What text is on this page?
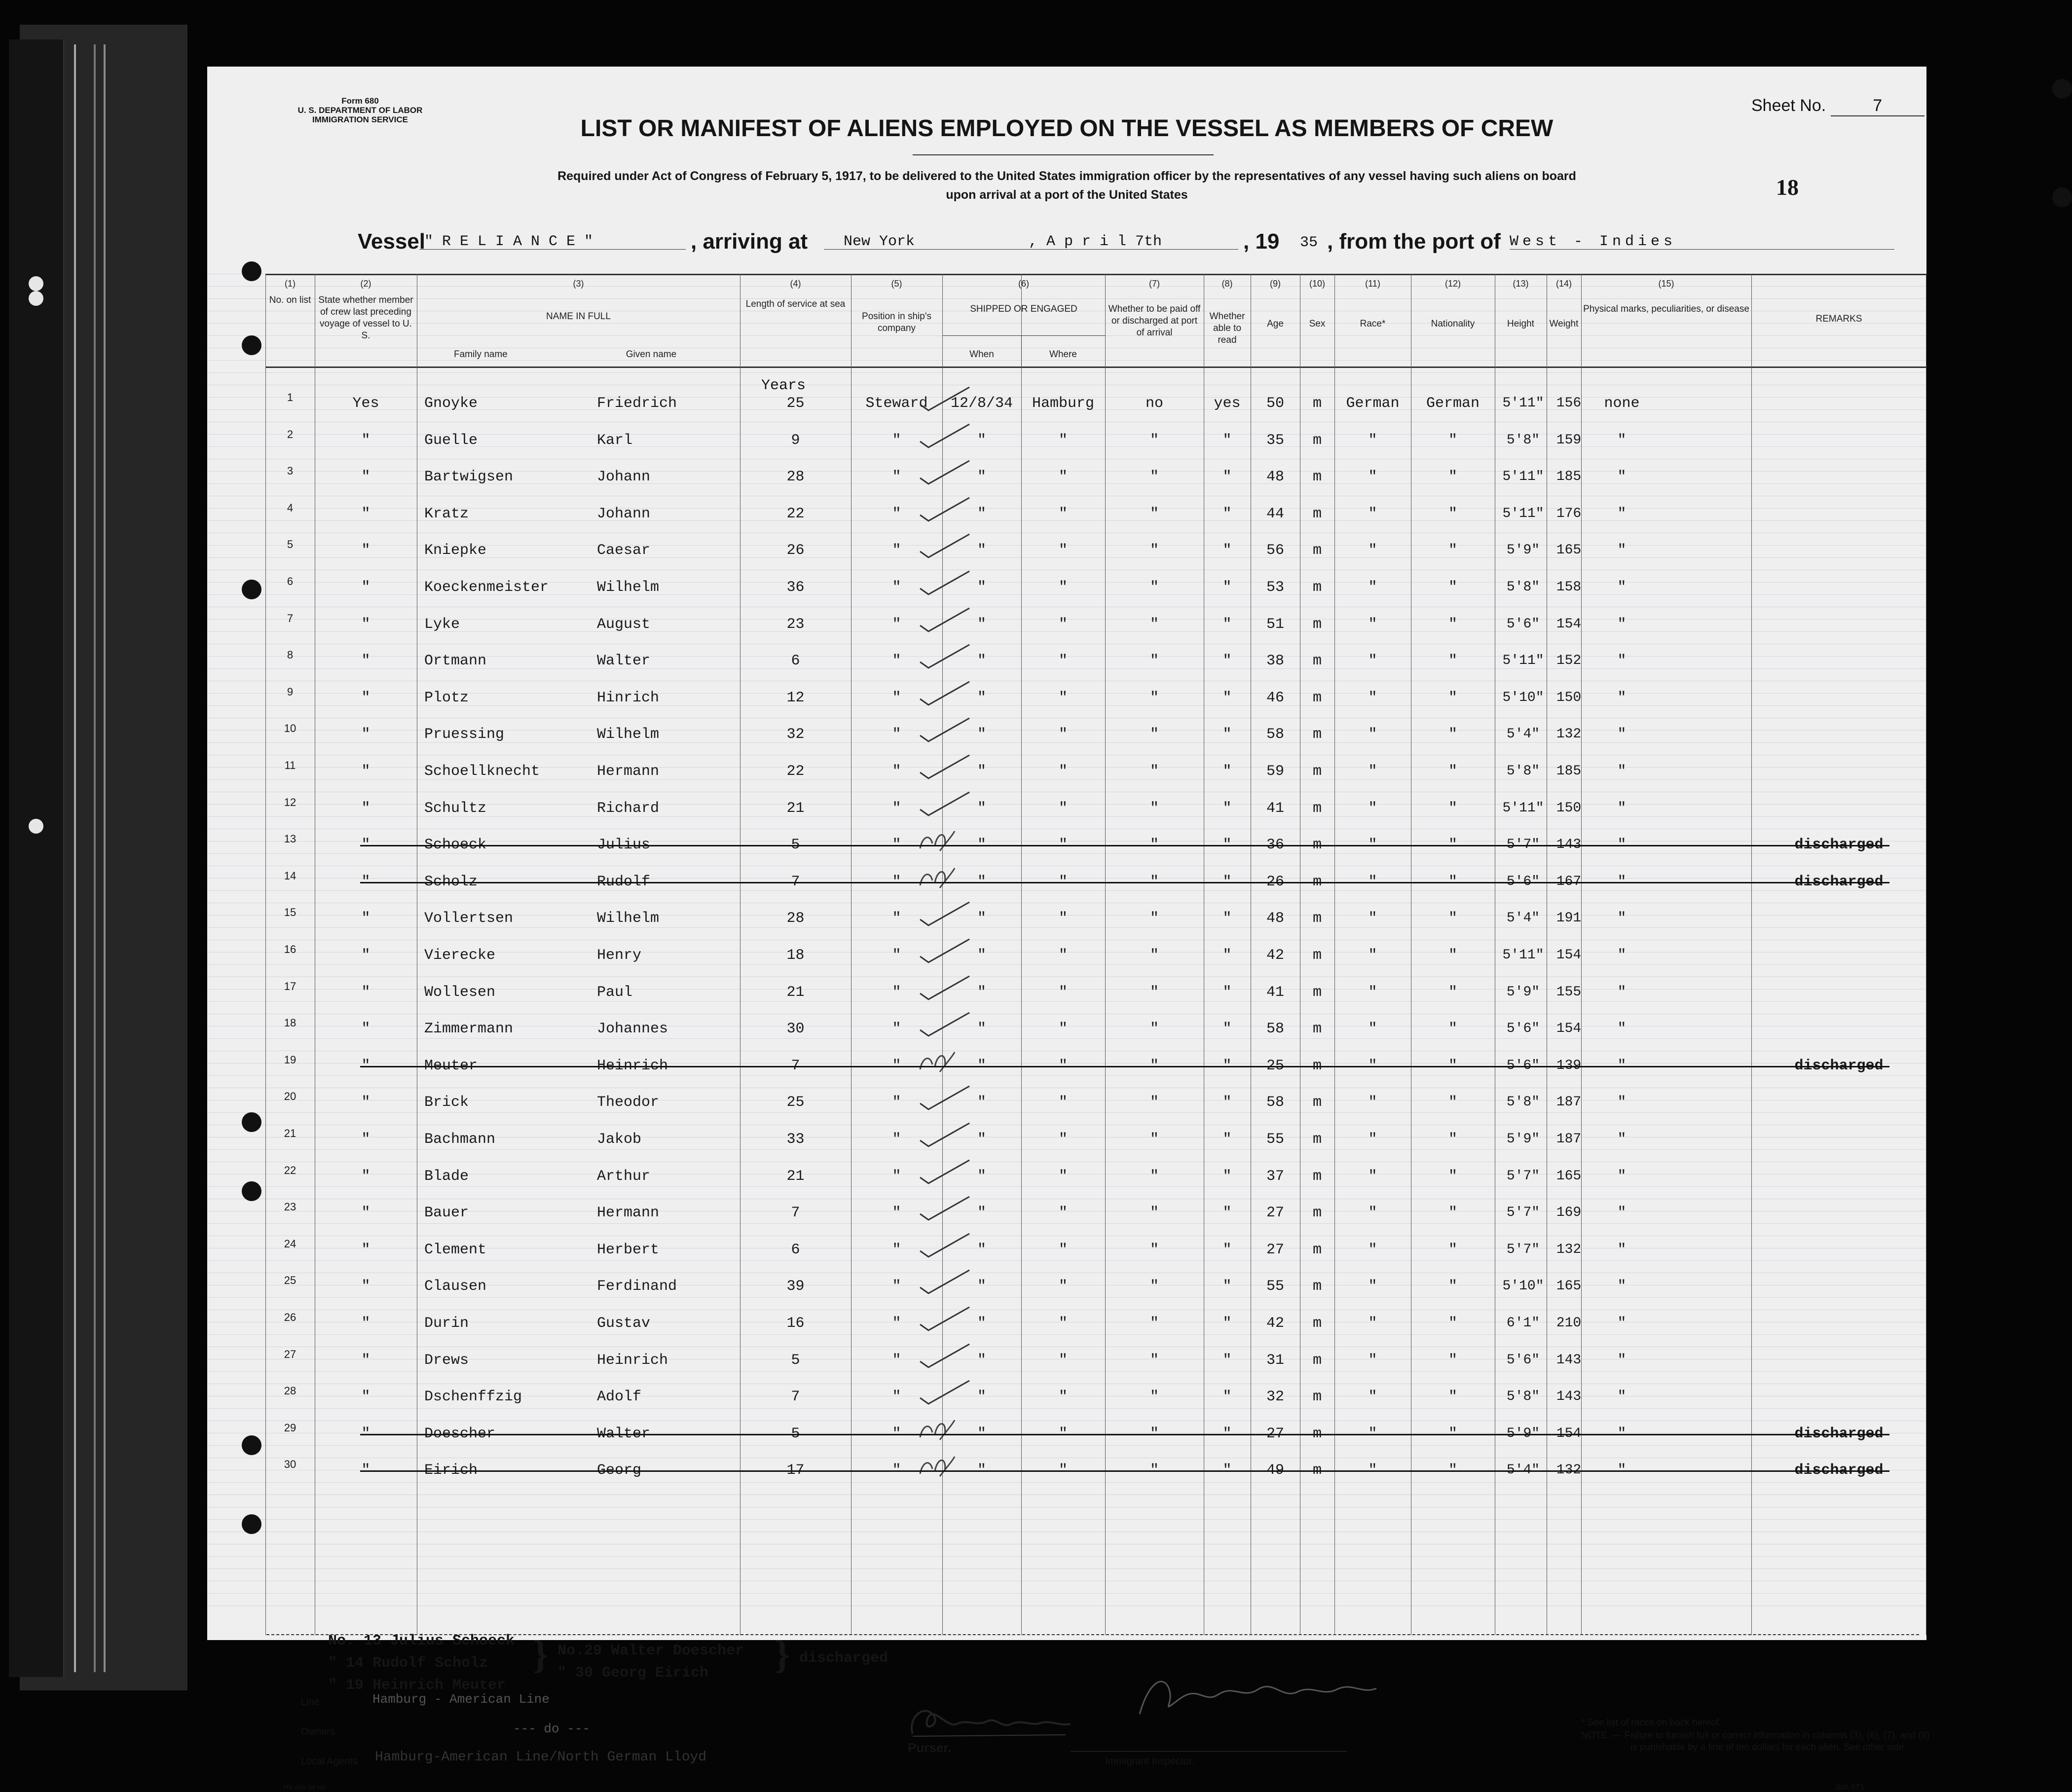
Form 680
U. S. DEPARTMENT OF LABOR
IMMIGRATION SERVICE
Sheet No.	7
LIST OR MANIFEST OF ALIENS EMPLOYED ON THE VESSEL AS MEMBERS OF CREW
Required under Act of Congress of February 5, 1917, to be delivered to the United States immigration officer by the representatives of any vessel having such aliens on board
upon arrival at a port of the United States	18
Vessel
" R E L I A N C E "	, arriving at New York	, A p r i l 7th	, 19 35 , from the port of West - Indies
(1)
No. on list
(2)
State whether member of crew last preceding voyage of vessel to U. S.
(3)
NAME IN FULL
(4)
Length of service at sea
(5)
Position in ship's company
(6)
SHIPPED OR ENGAGED
(7)
Whether to be paid off or discharged at port of arrival
(8)
Whether able to read
(9)
Age
(10)
Sex
(11)
Race*
(12)
Nationality
(13)
Height
(14)
Weight
(15)
Physical marks, peculiarities, or disease
REMARKS
Family name	Given name	When	Where
Years
1	Yes	Gnoyke	Friedrich	25	Steward	12/8/34	Hamburg	no	yes	50	m	German	German	5'11" 156	none
2	"	Guelle	Karl	9	"	"	"	"	"	35	m	"	"	5'8"	159	"
3	"	Bartwigsen	Johann	28	"	"	"	"	"	48	m	"	"	5'11" 185	"
4	"	Kratz	Johann	22	"	"	"	"	"	44	m	"	"	5'11" 176	"
5	"	Kniepke	Caesar	26	"	"	"	"	"	56	m	"	"	5'9"	165	"
6	"	Koeckenmeister	Wilhelm	36	"	"	"	"	"	53	m	"	"	5'8"	158	"
7	"	Lyke	August	23	"	"	"	"	"	51	m	"	"	5'6"	154	"
8	"	Ortmann	Walter	6	"	"	"	"	"	38	m	"	"	5'11" 152	"
9	"	Plotz	Hinrich	12	"	"	"	"	"	46	m	"	"	5'10" 150	"
10	"	Pruessing	Wilhelm	32	"	"	"	"	"	58	m	"	"	5'4"	132	"
11	"	Schoellknecht	Hermann	22	"	"	"	"	"	59	m	"	"	5'8"	185	"
12	"	Schultz	Richard	21	"	"	"	"	"	41	m	"	"	5'11" 150	"
13	"	Schoeck	Julius	5	"	"	"	"	"	36	m	"	"	5'7"	143	"	discharged
14	"	Scholz	Rudolf	7	"	"	"	"	"	26	m	"	"	5'6"	167	"	discharged
15	"	Vollertsen	Wilhelm	28	"	"	"	"	"	48	m	"	"	5'4"	191	"
16	"	Vierecke	Henry	18	"	"	"	"	"	42	m	"	"	5'11" 154	"
17	"	Wollesen	Paul	21	"	"	"	"	"	41	m	"	"	5'9"	155	"
18	"	Zimmermann	Johannes	30	"	"	"	"	"	58	m	"	"	5'6"	154	"
19	"	Meuter	Heinrich	7	"	"	"	"	"	25	m	"	"	5'6"	139	"	discharged
20	"	Brick	Theodor	25	"	"	"	"	"	58	m	"	"	5'8"	187	"
21	"	Bachmann	Jakob	33	"	"	"	"	"	55	m	"	"	5'9"	187	"
22	"	Blade	Arthur	21	"	"	"	"	"	37	m	"	"	5'7"	165	"
23	"	Bauer	Hermann	7	"	"	"	"	"	27	m	"	"	5'7"	169	"
24	"	Clement	Herbert	6	"	"	"	"	"	27	m	"	"	5'7"	132	"
25	"	Clausen	Ferdinand	39	"	"	"	"	"	55	m	"	"	5'10" 165	"
26	"	Durin	Gustav	16	"	"	"	"	"	42	m	"	"	6'1"	210	"
27	"	Drews	Heinrich	5	"	"	"	"	"	31	m	"	"	5'6"	143	"
28	"	Dschenffzig	Adolf	7	"	"	"	"	"	32	m	"	"	5'8"	143	"
29	"	Doescher	Walter	5	"	"	"	"	"	27	m	"	"	5'9"	154	"	discharged
30	"	Eirich	Georg	17	"	"	"	"	"	49	m	"	"	5'4"	132	"	discharged
No. 13 Julius Schoeck
" 14 Rudolf Scholz
" 19 Heinrich Meuter
No.29 Walter Doescher
" 30 Georg Eirich
}	} discharged
Line	Hamburg - American Line
Owners	--- do ---
Local Agents Hamburg-American Line/North German Lloyd
Purser.
Immigrant Inspector.
* See list of races on back hereof.
NOTE. — Failure to furnish full or correct information in columns (3), (6), (7), and (8)
is punishable by a fine of ten dollars for each alien. See other side.
H8 eka 34 nd	Sch 571
